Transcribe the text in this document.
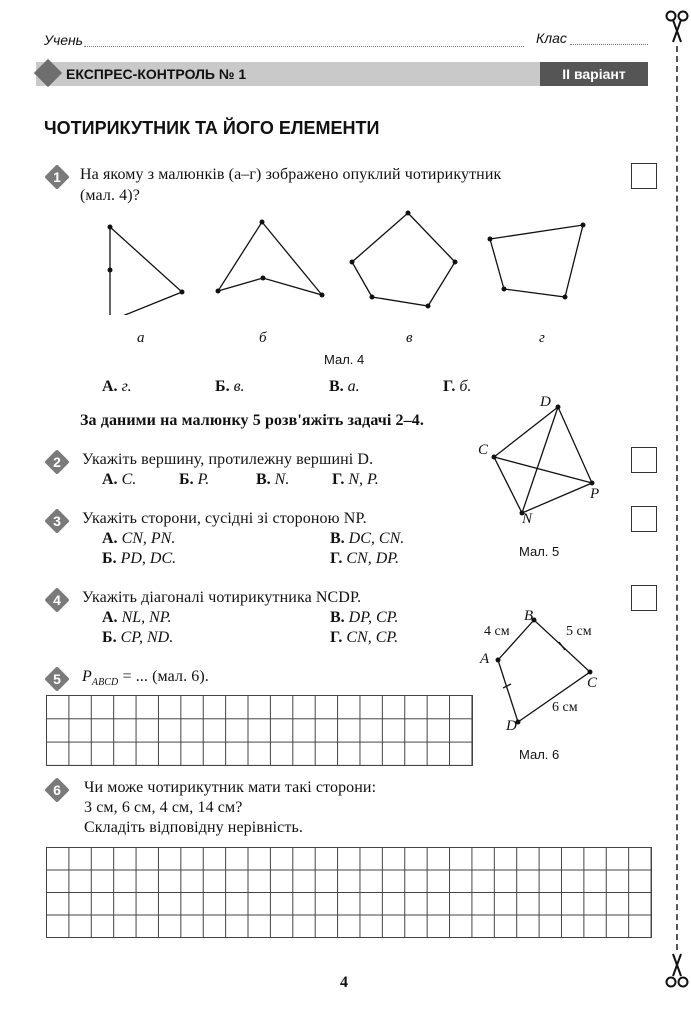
Учень	Клас
ЕКСПРЕС-КОНТРОЛЬ № 1	II варіант
ЧОТИРИКУТНИК ТА ЙОГО ЕЛЕМЕНТИ
1	На якому з малюнків (а–г) зображено опуклий чотирикутник
(мал. 4)?
а	б	в	г
Мал. 4
А. г.	Б. в.	В. а.	Г. б.
За даними на малюнку 5 розв'яжіть задачі 2–4.
2	Укажіть вершину, протилежну вершині D.
А. C.	Б. P.	В. N.	Г. N, P.
D
C
P
N
Мал. 5
3	Укажіть сторони, сусідні зі стороною NP.
А. CN, PN.	В. DC, CN.
Б. PD, DC.	Г. CN, DP.
4	Укажіть діагоналі чотирикутника NCDP.
А. NL, NP.	В. DP, CP.
Б. CP, ND.	Г. CN, CP.
B
A
C
D
4 см	5 см
6 см
Мал. 6
5	$P_{ABCD}$ = ... (мал. 6).
6	Чи може чотирикутник мати такі сторони:
3 см, 6 см, 4 см, 14 см?
Складіть відповідну нерівність.
4
